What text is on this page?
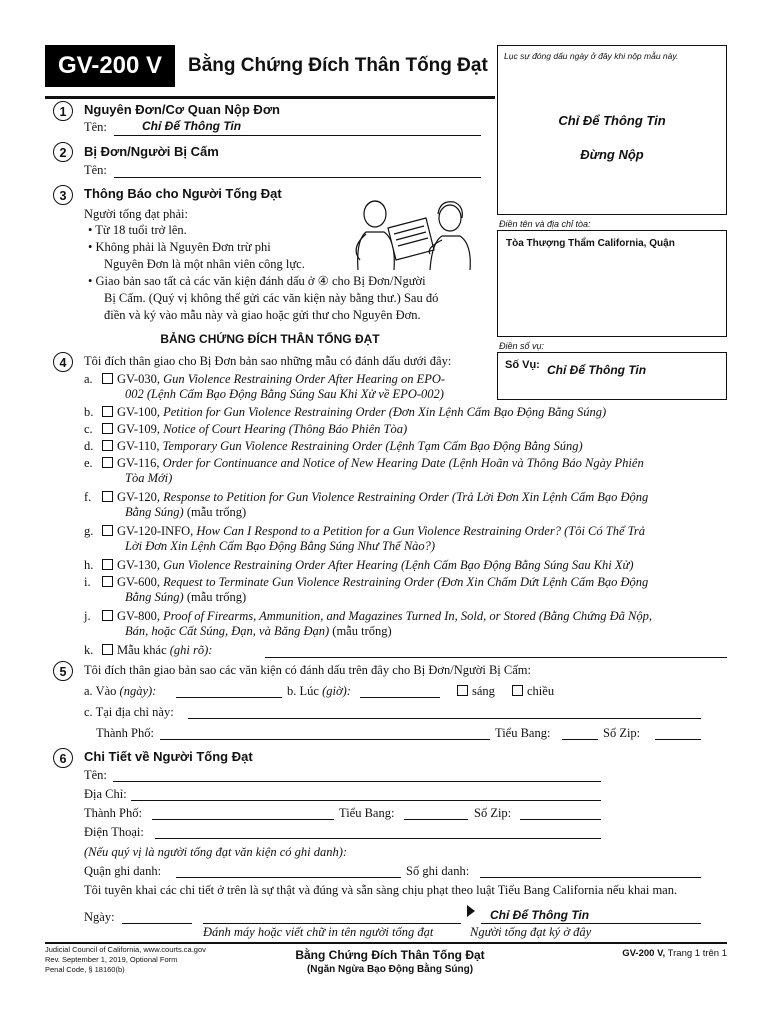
GV-200 V	Bằng Chứng Đích Thân Tống Đạt Lục sự đóng dấu ngày ở đây khi nộp mẫu này.
Chỉ Để Thông Tin
Đừng Nộp
Điền tên và địa chỉ tòa:
Tòa Thượng Thẩm California, Quận
Điền số vụ:
Số Vụ: Chỉ Để Thông Tin
1	Nguyên Đơn/Cơ Quan Nộp Đơn
Tên:	Chỉ Để Thông Tin
2	Bị Đơn/Người Bị Cấm
Tên:
3	Thông Báo cho Người Tống Đạt
Người tống đạt phải:
• Từ 18 tuổi trở lên.
• Không phải là Nguyên Đơn trừ phi
Nguyên Đơn là một nhân viên công lực.
• Giao bản sao tất cả các văn kiện đánh dấu ở ④ cho Bị Đơn/Người
Bị Cấm. (Quý vị không thể gửi các văn kiện này bằng thư.) Sau đó
điền và ký vào mẫu này và giao hoặc gửi thư cho Nguyên Đơn.
BẢNG CHỨNG ĐÍCH THÂN TỐNG ĐẠT
4	Tôi đích thân giao cho Bị Đơn bản sao những mẫu có đánh dấu dưới đây:
a.	GV-030, Gun Violence Restraining Order After Hearing on EPO-
002 (Lệnh Cấm Bạo Động Bằng Súng Sau Khi Xử về EPO-002)
b.	GV-100, Petition for Gun Violence Restraining Order (Đơn Xin Lệnh Cấm Bạo Động Bằng Súng)
c.	GV-109, Notice of Court Hearing (Thông Báo Phiên Tòa)
d.	GV-110, Temporary Gun Violence Restraining Order (Lệnh Tạm Cấm Bạo Động Bằng Súng)
e.	GV-116, Order for Continuance and Notice of New Hearing Date (Lệnh Hoãn và Thông Báo Ngày Phiên
Tòa Mới)
f.	GV-120, Response to Petition for Gun Violence Restraining Order (Trả Lời Đơn Xin Lệnh Cấm Bạo Động
Bằng Súng) (mẫu trống)
g.	GV-120-INFO, How Can I Respond to a Petition for a Gun Violence Restraining Order? (Tôi Có Thể Trả
Lời Đơn Xin Lệnh Cấm Bạo Động Bằng Súng Như Thế Nào?)
h.	GV-130, Gun Violence Restraining Order After Hearing (Lệnh Cấm Bạo Động Bằng Súng Sau Khi Xử)
i.	GV-600, Request to Terminate Gun Violence Restraining Order (Đơn Xin Chấm Dứt Lệnh Cấm Bạo Động
Bằng Súng) (mẫu trống)
j.	GV-800, Proof of Firearms, Ammunition, and Magazines Turned In, Sold, or Stored (Bằng Chứng Đã Nộp,
Bán, hoặc Cất Súng, Đạn, và Băng Đạn) (mẫu trống)
k.	Mẫu khác (ghi rõ):
5	Tôi đích thân giao bản sao các văn kiện có đánh dấu trên đây cho Bị Đơn/Người Bị Cấm:
a. Vào (ngày):	b. Lúc (giờ):	sáng	chiều
c. Tại địa chỉ này:
Thành Phố:	Tiểu Bang:	Số Zip:
6	Chi Tiết về Người Tống Đạt
Tên:
Địa Chỉ:
Thành Phố:	Tiểu Bang:	Số Zip:
Điện Thoại:
(Nếu quý vị là người tống đạt văn kiện có ghi danh):
Quận ghi danh:	Số ghi danh:
Tôi tuyên khai các chi tiết ở trên là sự thật và đúng và sẵn sàng chịu phạt theo luật Tiểu Bang California nếu khai man.
Ngày:	Chỉ Để Thông Tin
Đánh máy hoặc viết chữ in tên người tống đạt	Người tống đạt ký ở đây
Judicial Council of California, www.courts.ca.gov
Rev. September 1, 2019, Optional Form
Penal Code, § 18160(b)
Bằng Chứng Đích Thân Tống Đạt
(Ngăn Ngừa Bạo Động Bằng Súng)
GV-200 V, Trang 1 trên 1
